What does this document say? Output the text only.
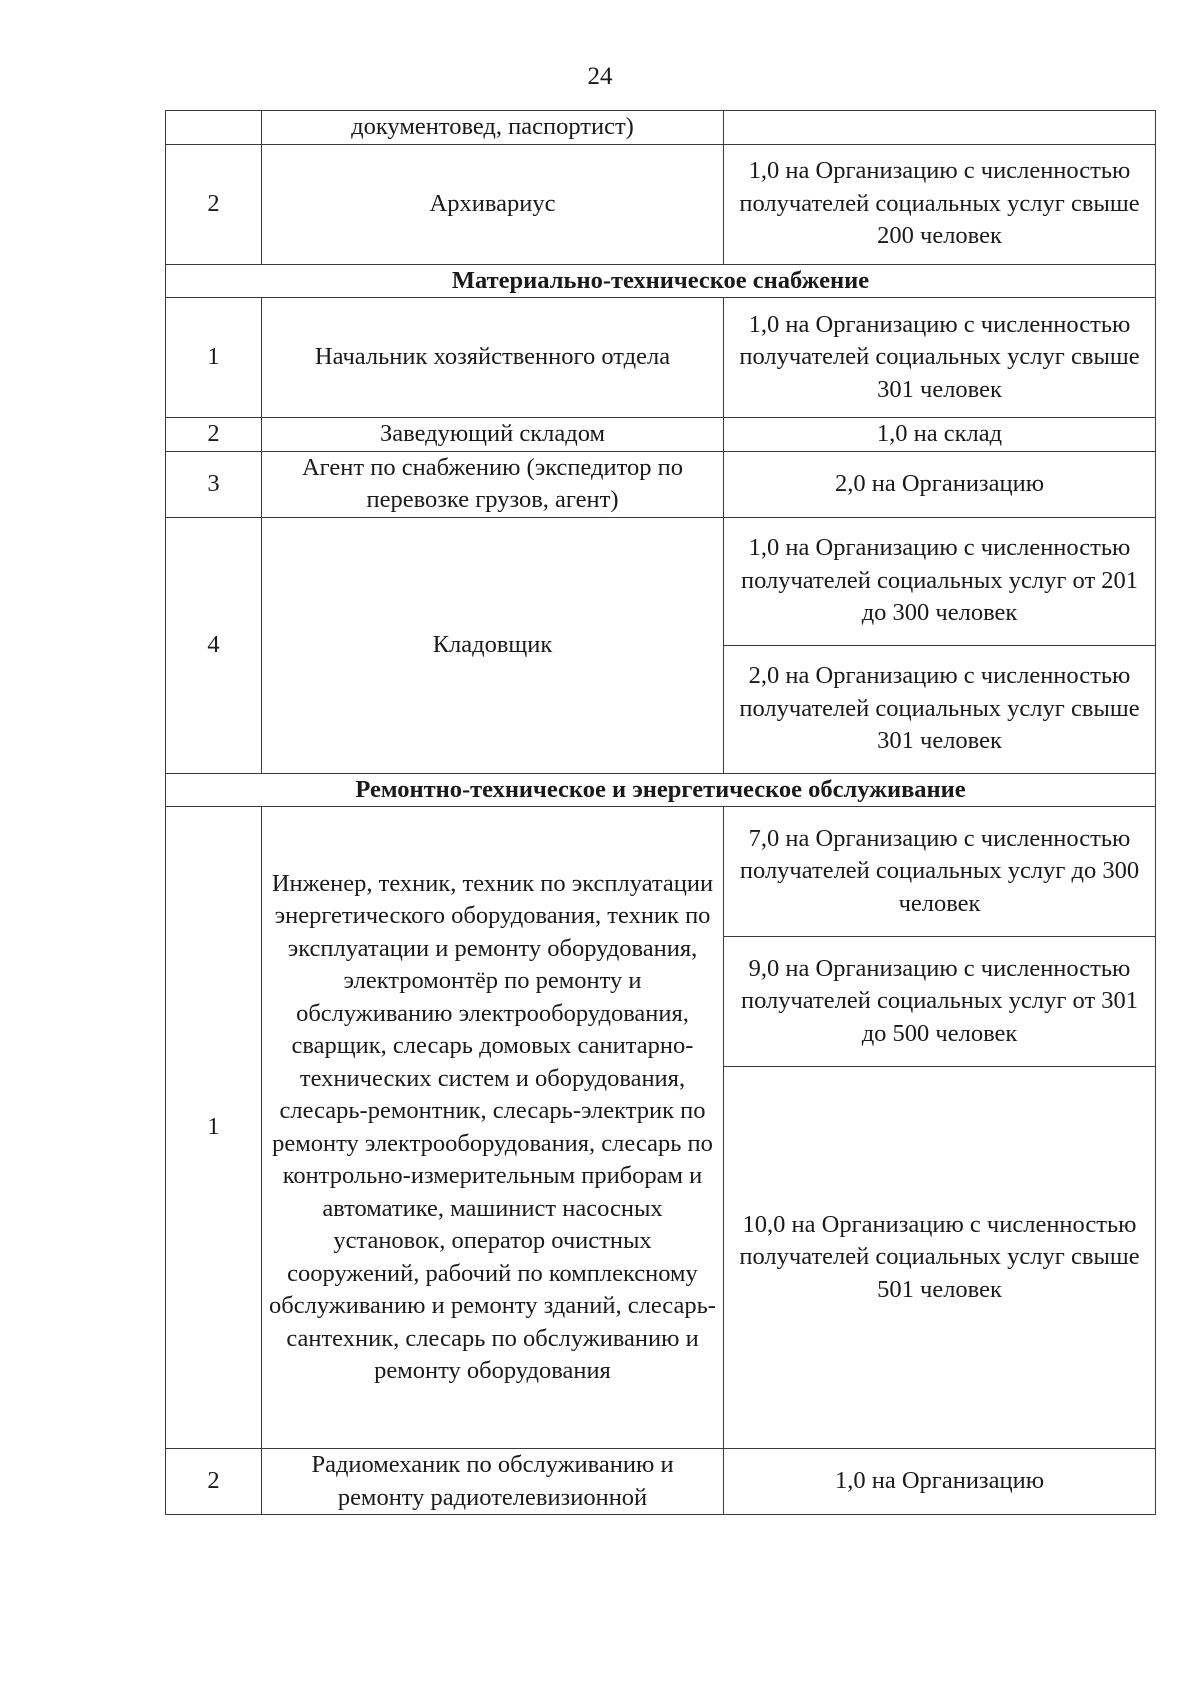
24
	документовед, паспортист)	
2	Архивариус	1,0 на Организацию с численностью получателей социальных услуг свыше 200 человек
Материально-техническое снабжение		
1	Начальник хозяйственного отдела	1,0 на Организацию с численностью получателей социальных услуг свыше 301 человек
2	Заведующий складом	1,0 на склад
3	Агент по снабжению (экспедитор по перевозке грузов, агент)	2,0 на Организацию
4	Кладовщик	1,0 на Организацию с численностью получателей социальных услуг от 201 до 300 человек
		2,0 на Организацию с численностью получателей социальных услуг свыше 301 человек
Ремонтно-техническое и энергетическое обслуживание		
1	Инженер, техник, техник по эксплуатации энергетического оборудования, техник по эксплуатации и ремонту оборудования, электромонтёр по ремонту и обслуживанию электрооборудования, сварщик, слесарь домовых санитарно-технических систем и оборудования, слесарь-ремонтник, слесарь-электрик по ремонту электрооборудования, слесарь по контрольно-измерительным приборам и автоматике, машинист насосных установок, оператор очистных сооружений, рабочий по комплексному обслуживанию и ремонту зданий, слесарь-сантехник, слесарь по обслуживанию и ремонту оборудования	7,0 на Организацию с численностью получателей социальных услуг до 300 человек
		9,0 на Организацию с численностью получателей социальных услуг от 301 до 500 человек
		10,0 на Организацию с численностью получателей социальных услуг свыше 501 человек
2	Радиомеханик по обслуживанию и ремонту радиотелевизионной	1,0 на Организацию
